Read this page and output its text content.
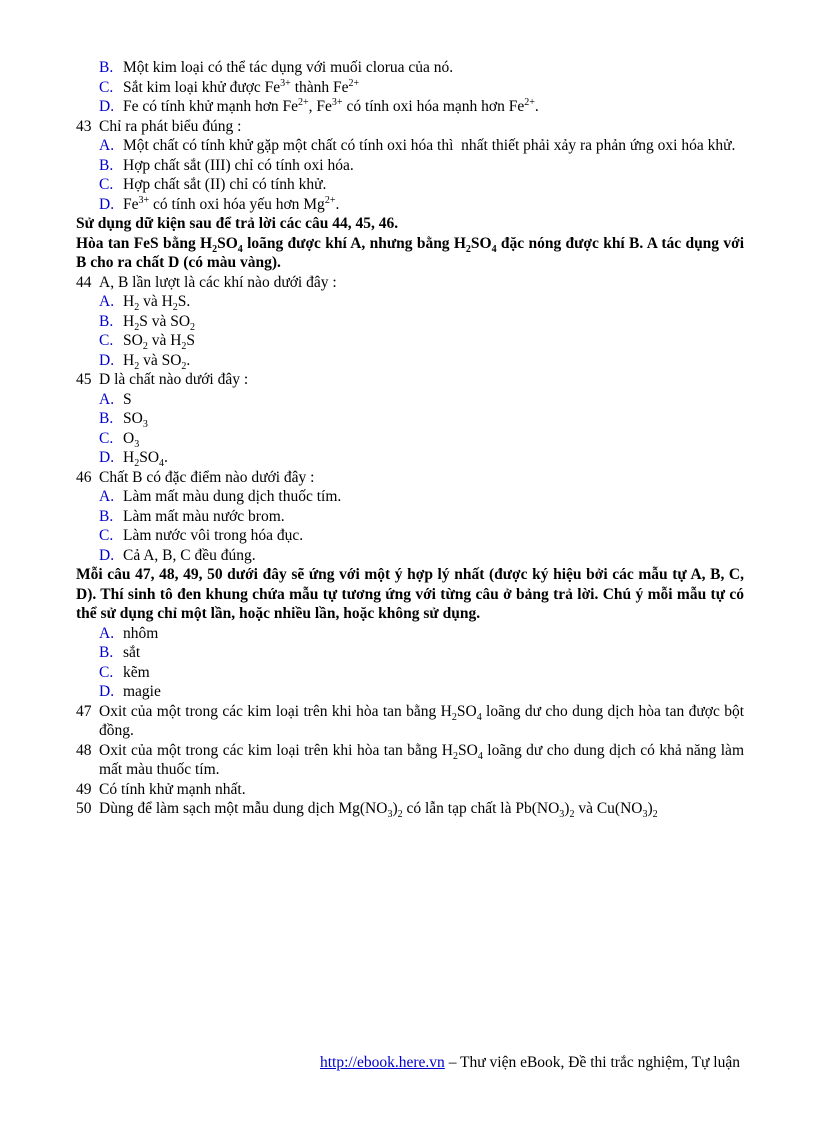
B. Một kim loại có thể tác dụng với muối clorua của nó.
C. Sắt kim loại khử được $Fe^{3+}$ thành $Fe^{2+}$
D. Fe có tính khử mạnh hơn $Fe^{2+}$, $Fe^{3+}$ có tính oxi hóa mạnh hơn $Fe^{2+}$.
43 Chỉ ra phát biểu đúng :
A. Một chất có tính khử gặp một chất có tính oxi hóa thì  nhất thiết phải xảy ra phản ứng oxi hóa khử.
B. Hợp chất sắt (III) chỉ có tính oxi hóa.
C. Hợp chất sắt (II) chỉ có tính khử.
D. $Fe^{3+}$ có tính oxi hóa yếu hơn $Mg^{2+}$.
Sử dụng dữ kiện sau để trả lời các câu 44, 45, 46.
Hòa tan FeS bằng $H_2SO_4$ loãng được khí A, nhưng bằng $H_2SO_4$ đặc nóng được khí B. A tác dụng với B cho ra chất D (có màu vàng).
44 A, B lần lượt là các khí nào dưới đây :
A. $H_2$ và $H_2S$.
B. $H_2S$ và $SO_2$
C. $SO_2$ và $H_2S$
D. $H_2$ và $SO_2$.
45 D là chất nào dưới đây :
A. S
B. $SO_3$
C. $O_3$
D. $H_2SO_4$.
46 Chất B có đặc điểm nào dưới đây :
A. Làm mất màu dung dịch thuốc tím.
B. Làm mất màu nước brom.
C. Làm nước vôi trong hóa đục.
D. Cả A, B, C đều đúng.
Mỗi câu 47, 48, 49, 50 dưới đây sẽ ứng với một ý hợp lý nhất (được ký hiệu bởi các mẫu tự A, B, C, D). Thí sinh tô đen khung chứa mẫu tự tương ứng với từng câu ở bảng trả lời. Chú ý mỗi mẫu tự có thể sử dụng chỉ một lần, hoặc nhiều lần, hoặc không sử dụng.
A. nhôm
B. sắt
C. kẽm
D. magie
47 Oxit của một trong các kim loại trên khi hòa tan bằng $H_2SO_4$ loãng dư cho dung dịch hòa tan được bột đồng.
48 Oxit của một trong các kim loại trên khi hòa tan bằng $H_2SO_4$ loãng dư cho dung dịch có khả năng làm mất màu thuốc tím.
49 Có tính khử mạnh nhất.
50 Dùng để làm sạch một mẫu dung dịch $Mg(NO_3)_2$ có lẫn tạp chất là $Pb(NO_3)_2$ và $Cu(NO_3)_2$
http://ebook.here.vn – Thư viện eBook, Đề thi trắc nghiệm, Tự luận
